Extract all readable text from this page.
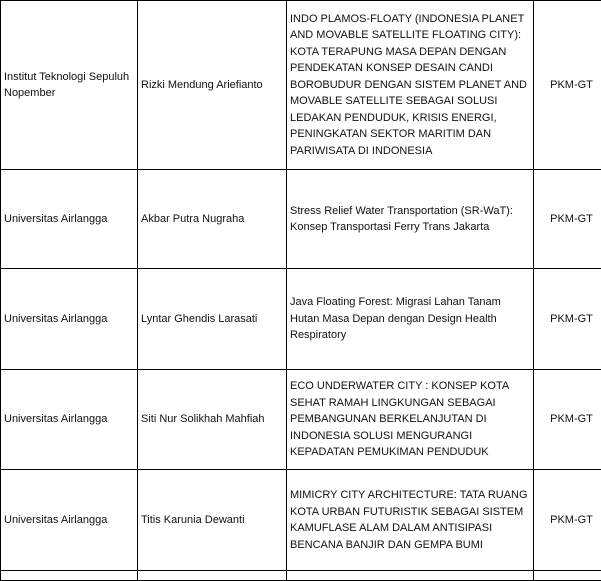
Institut Teknologi Sepuluh Nopember	Rizki Mendung Ariefianto	INDO PLAMOS-FLOATY (INDONESIA PLANET AND MOVABLE SATELLITE FLOATING CITY): KOTA TERAPUNG MASA DEPAN DENGAN PENDEKATAN KONSEP DESAIN CANDI BOROBUDUR DENGAN SISTEM PLANET AND MOVABLE SATELLITE SEBAGAI SOLUSI LEDAKAN PENDUDUK, KRISIS ENERGI, PENINGKATAN SEKTOR MARITIM DAN PARIWISATA DI INDONESIA	PKM-GT
Universitas Airlangga	Akbar Putra Nugraha	Stress Relief Water Transportation (SR-WaT): Konsep Transportasi Ferry Trans Jakarta	PKM-GT
Universitas Airlangga	Lyntar Ghendis Larasati	Java Floating Forest: Migrasi Lahan Tanam Hutan Masa Depan dengan Design Health Respiratory	PKM-GT
Universitas Airlangga	Siti Nur Solikhah Mahfiah	ECO UNDERWATER CITY : KONSEP KOTA SEHAT RAMAH LINGKUNGAN SEBAGAI PEMBANGUNAN BERKELANJUTAN DI INDONESIA SOLUSI MENGURANGI KEPADATAN PEMUKIMAN PENDUDUK	PKM-GT
Universitas Airlangga	Titis Karunia Dewanti	MIMICRY CITY ARCHITECTURE: TATA RUANG KOTA URBAN FUTURISTIK SEBAGAI SISTEM KAMUFLASE ALAM DALAM ANTISIPASI BENCANA BANJIR DAN GEMPA BUMI	PKM-GT
